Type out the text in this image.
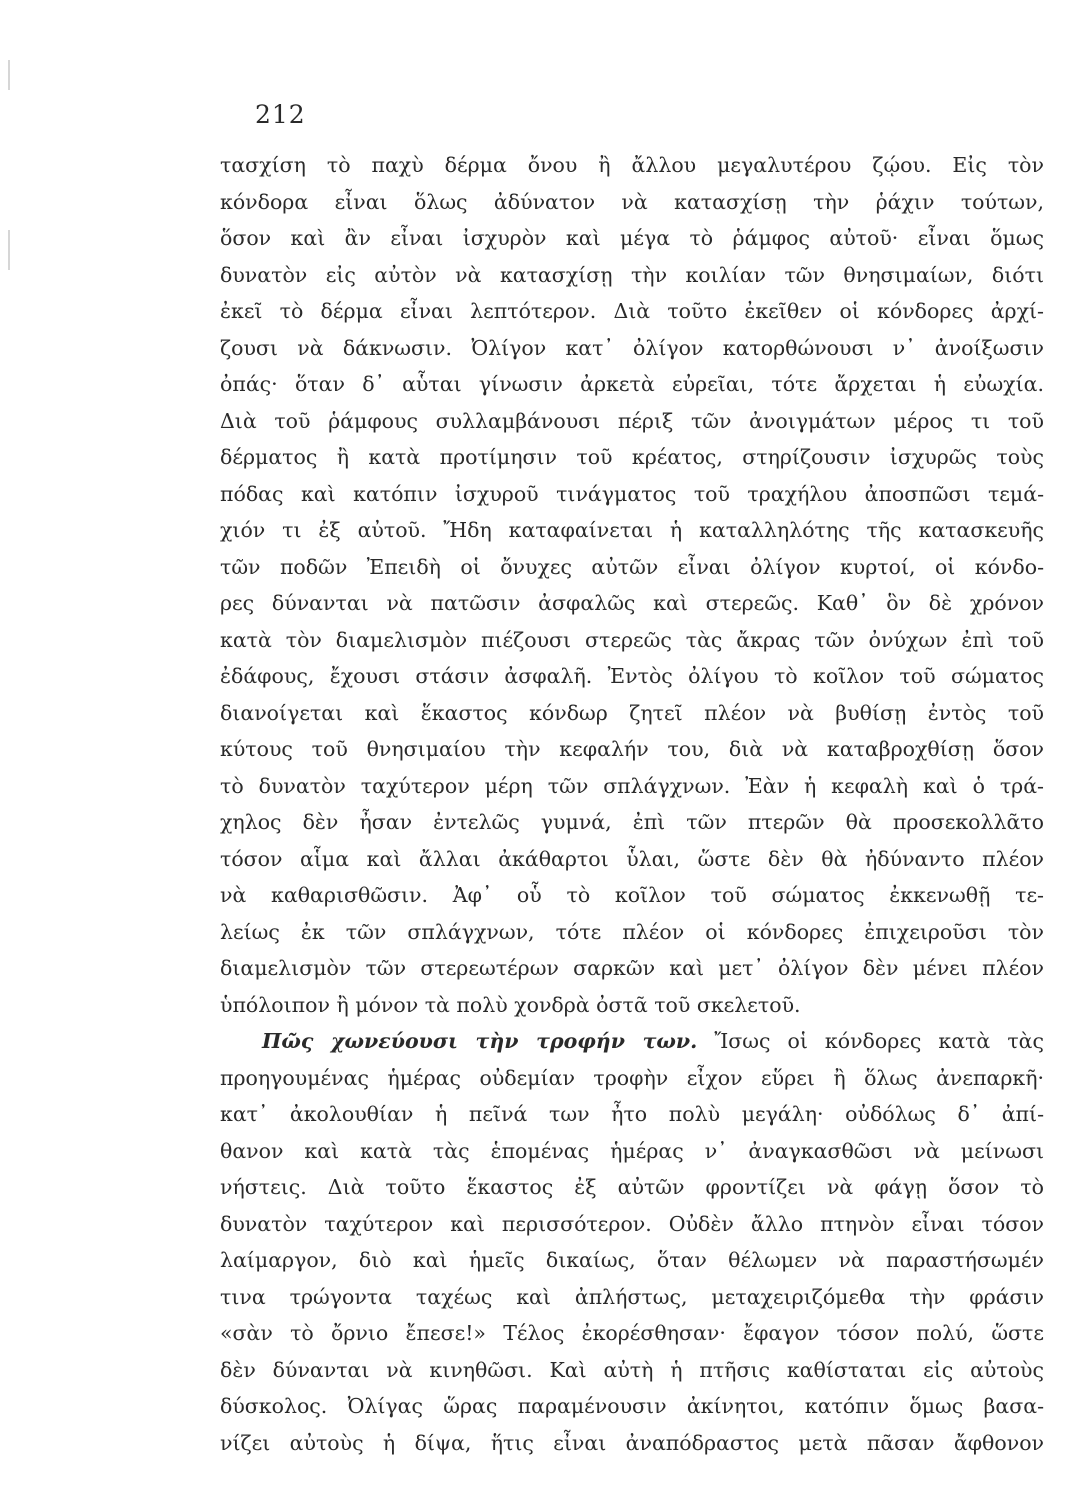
212
τασχίση τὸ παχὺ δέρμα ὄνου ἢ ἄλλου μεγαλυτέρου ζῴου. Εἰς τὸν
κόνδορα εἶναι ὅλως ἀδύνατον νὰ κατασχίσῃ τὴν ῥάχιν τούτων,
ὅσον καὶ ἂν εἶναι ἰσχυρὸν καὶ μέγα τὸ ῥάμφος αὐτοῦ· εἶναι ὅμως
δυνατὸν εἰς αὐτὸν νὰ κατασχίσῃ τὴν κοιλίαν τῶν θνησιμαίων, διότι
ἐκεῖ τὸ δέρμα εἶναι λεπτότερον. Διὰ τοῦτο ἐκεῖθεν οἱ κόνδορες ἀρχί-
ζουσι νὰ δάκνωσιν. Ὀλίγον κατ᾽ ὀλίγον κατορθώνουσι ν᾽ ἀνοίξωσιν
ὀπάς· ὅταν δ᾽ αὗται γίνωσιν ἀρκετὰ εὐρεῖαι, τότε ἄρχεται ἡ εὐωχία.
Διὰ τοῦ ῥάμφους συλλαμβάνουσι πέριξ τῶν ἀνοιγμάτων μέρος τι τοῦ
δέρματος ἢ κατὰ προτίμησιν τοῦ κρέατος, στηρίζουσιν ἰσχυρῶς τοὺς
πόδας καὶ κατόπιν ἰσχυροῦ τινάγματος τοῦ τραχήλου ἀποσπῶσι τεμά-
χιόν τι ἐξ αὐτοῦ. Ἤδη καταφαίνεται ἡ καταλληλότης τῆς κατασκευῆς
τῶν ποδῶν Ἐπειδὴ οἱ ὄνυχες αὐτῶν εἶναι ὀλίγον κυρτοί, οἱ κόνδο-
ρες δύνανται νὰ πατῶσιν ἀσφαλῶς καὶ στερεῶς. Καθ᾽ ὃν δὲ χρόνον
κατὰ τὸν διαμελισμὸν πιέζουσι στερεῶς τὰς ἄκρας τῶν ὀνύχων ἐπὶ τοῦ
ἐδάφους, ἔχουσι στάσιν ἀσφαλῆ. Ἐντὸς ὀλίγου τὸ κοῖλον τοῦ σώματος
διανοίγεται καὶ ἕκαστος κόνδωρ ζητεῖ πλέον νὰ βυθίσῃ ἐντὸς τοῦ
κύτους τοῦ θνησιμαίου τὴν κεφαλήν του, διὰ νὰ καταβροχθίσῃ ὅσον
τὸ δυνατὸν ταχύτερον μέρη τῶν σπλάγχνων. Ἐὰν ἡ κεφαλὴ καὶ ὁ τρά-
χηλος δὲν ἦσαν ἐντελῶς γυμνά, ἐπὶ τῶν πτερῶν θὰ προσεκολλᾶτο
τόσον αἷμα καὶ ἄλλαι ἀκάθαρτοι ὗλαι, ὥστε δὲν θὰ ἠδύναντο πλέον
νὰ καθαρισθῶσιν. Ἀφ᾽ οὗ τὸ κοῖλον τοῦ σώματος ἐκκενωθῇ τε-
λείως ἐκ τῶν σπλάγχνων, τότε πλέον οἱ κόνδορες ἐπιχειροῦσι τὸν
διαμελισμὸν τῶν στερεωτέρων σαρκῶν καὶ μετ᾽ ὀλίγον δὲν μένει πλέον
ὑπόλοιπον ἢ μόνον τὰ πολὺ χονδρὰ ὀστᾶ τοῦ σκελετοῦ.
Πῶς χωνεύουσι τὴν τροφήν των. Ἴσως οἱ κόνδορες κατὰ τὰς
προηγουμένας ἡμέρας οὐδεμίαν τροφὴν εἶχον εὕρει ἢ ὅλως ἀνεπαρκῆ·
κατ᾽ ἀκολουθίαν ἡ πεῖνά των ἦτο πολὺ μεγάλη· οὐδόλως δ᾽ ἀπί-
θανον καὶ κατὰ τὰς ἑπομένας ἡμέρας ν᾽ ἀναγκασθῶσι νὰ μείνωσι
νήστεις. Διὰ τοῦτο ἕκαστος ἐξ αὐτῶν φροντίζει νὰ φάγῃ ὅσον τὸ
δυνατὸν ταχύτερον καὶ περισσότερον. Οὐδὲν ἄλλο πτηνὸν εἶναι τόσον
λαίμαργον, διὸ καὶ ἡμεῖς δικαίως, ὅταν θέλωμεν νὰ παραστήσωμέν
τινα τρώγοντα ταχέως καὶ ἀπλήστως, μεταχειριζόμεθα τὴν φράσιν
«σὰν τὸ ὄρνιο ἔπεσε!» Τέλος ἐκορέσθησαν· ἔφαγον τόσον πολύ, ὥστε
δὲν δύνανται νὰ κινηθῶσι. Καὶ αὐτὴ ἡ πτῆσις καθίσταται εἰς αὐτοὺς
δύσκολος. Ὀλίγας ὥρας παραμένουσιν ἀκίνητοι, κατόπιν ὅμως βασα-
νίζει αὐτοὺς ἡ δίψα, ἥτις εἶναι ἀναπόδραστος μετὰ πᾶσαν ἄφθονον
